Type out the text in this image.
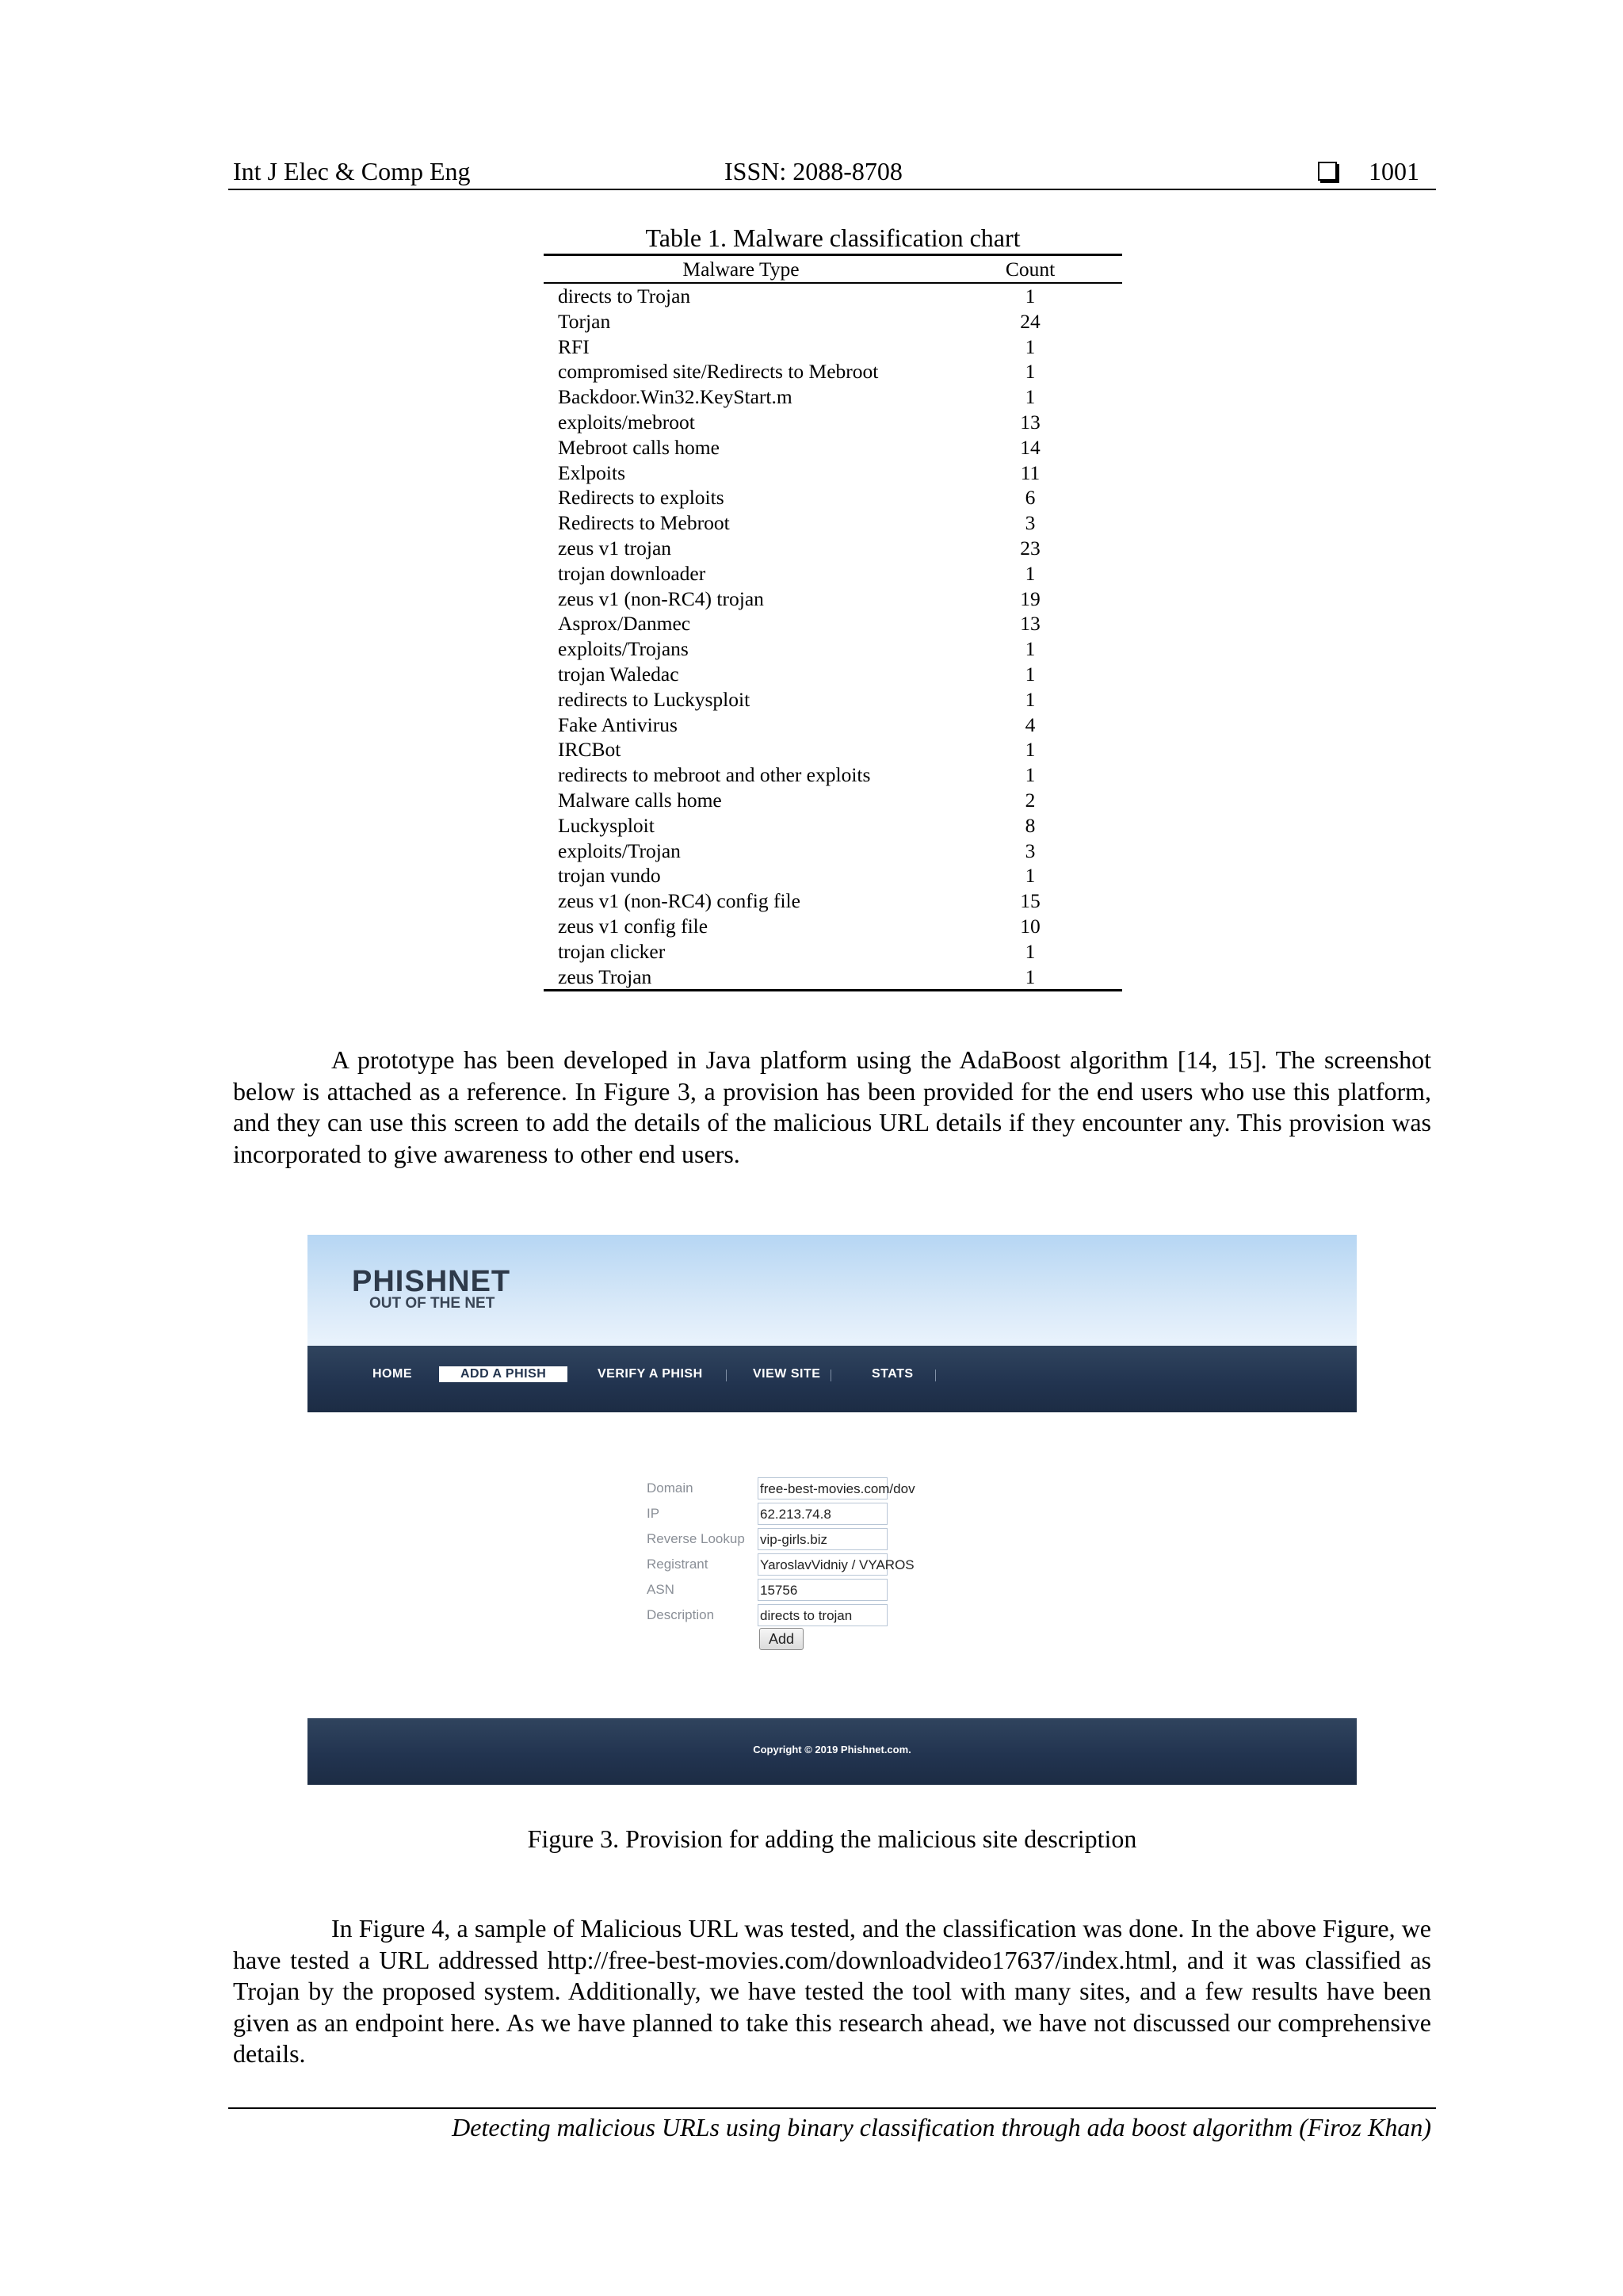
Int J Elec & Comp Eng	ISSN: 2088-8708	1001
Table 1. Malware classification chart
Malware Type	Count
directs to Trojan	1
Torjan	24
RFI	1
compromised site/Redirects to Mebroot	1
Backdoor.Win32.KeyStart.m	1
exploits/mebroot	13
Mebroot calls home	14
Exlpoits	11
Redirects to exploits	6
Redirects to Mebroot	3
zeus v1 trojan	23
trojan downloader	1
zeus v1 (non-RC4) trojan	19
Asprox/Danmec	13
exploits/Trojans	1
trojan Waledac	1
redirects to Luckysploit	1
Fake Antivirus	4
IRCBot	1
redirects to mebroot and other exploits	1
Malware calls home	2
Luckysploit	8
exploits/Trojan	3
trojan vundo	1
zeus v1 (non-RC4) config file	15
zeus v1 config file	10
trojan clicker	1
zeus Trojan	1
A prototype has been developed in Java platform using the AdaBoost algorithm [14, 15]. The screenshot below is attached as a reference. In Figure 3, a provision has been provided for the end users who use this platform, and they can use this screen to add the details of the malicious URL details if they encounter any. This provision was incorporated to give awareness to other end users.
PHISHNET
OUT OF THE NET
HOME	ADD A PHISH	VERIFY A PHISH	VIEW SITE	STATS
Domain	free-best-movies.com/dov
IP	62.213.74.8
Reverse Lookup vip-girls.biz
Registrant	YaroslavVidniy / VYAROS
ASN	15756
Description	directs to trojan
Add
Copyright © 2019 Phishnet.com.
Figure 3. Provision for adding the malicious site description
In Figure 4, a sample of Malicious URL was tested, and the classification was done. In the above Figure, we have tested a URL addressed http://free-best-movies.com/downloadvideo17637/index.html, and it was classified as Trojan by the proposed system. Additionally, we have tested the tool with many sites, and a few results have been given as an endpoint here. As we have planned to take this research ahead, we have not discussed our comprehensive details.
Detecting malicious URLs using binary classification through ada boost algorithm (Firoz Khan)
